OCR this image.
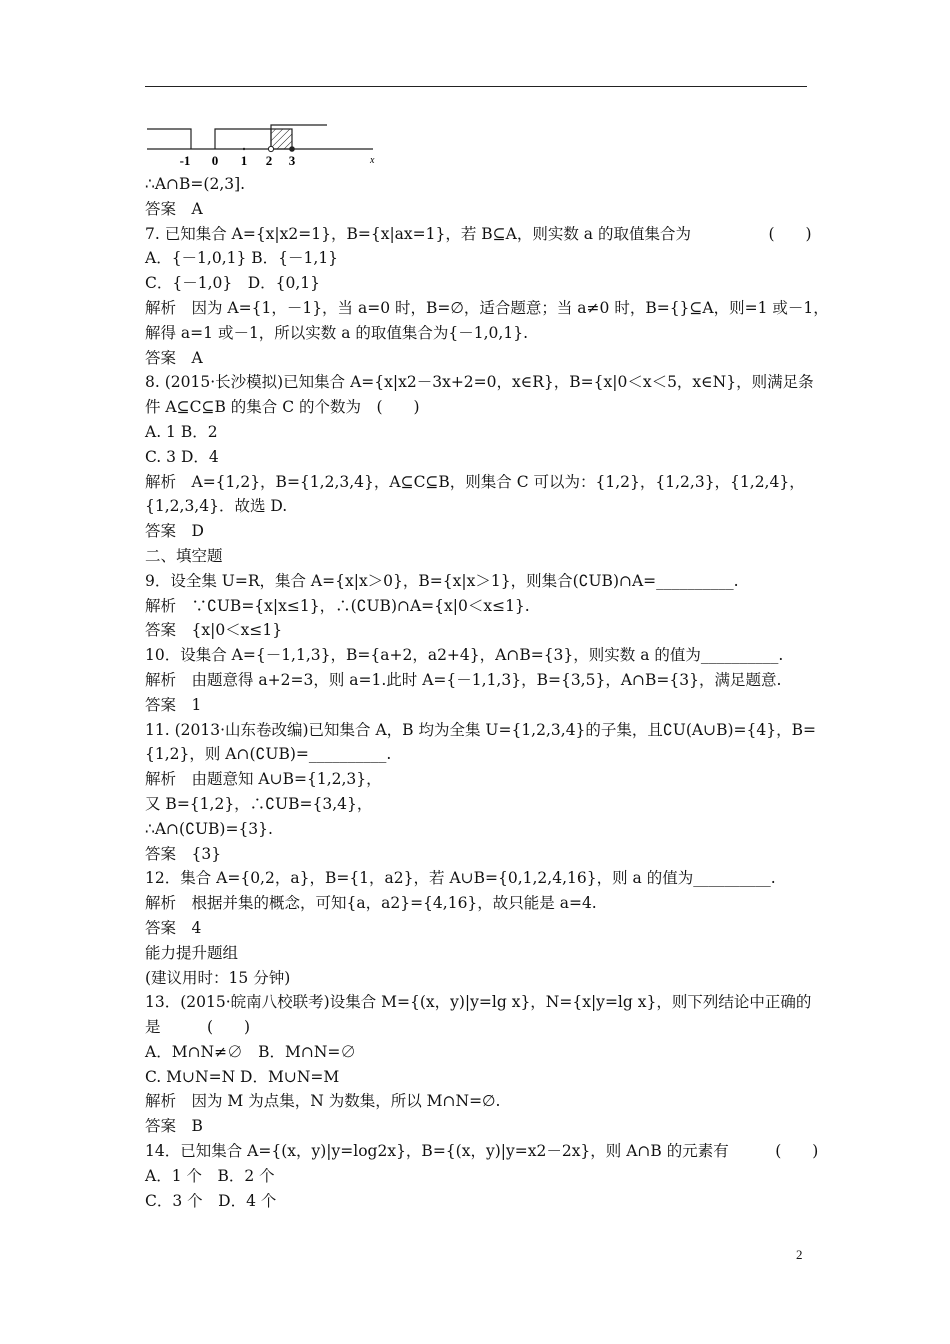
-1 0 1 2 3	x
∴A∩B=(2,3].
答案　A
7. 已知集合 A={x|x2=1}，B={x|ax=1}，若 B⊆A，则实数 a 的取值集合为　　　　　(　　)
A．{－1,0,1} B．{－1,1}
C．{－1,0}　D．{0,1}
解析　因为 A={1，－1}，当 a=0 时，B=∅，适合题意；当 a≠0 时，B={}⊆A，则=1 或－1，
解得 a=1 或－1，所以实数 a 的取值集合为{－1,0,1}.
答案　A
8. (2015·长沙模拟)已知集合 A={x|x2－3x+2=0，x∈R}，B={x|0＜x＜5，x∈N}，则满足条
件 A⊆C⊆B 的集合 C 的个数为　(　　)
A. 1 B．2
C. 3 D．4
解析　A={1,2}，B={1,2,3,4}，A⊆C⊆B，则集合 C 可以为：{1,2}，{1,2,3}，{1,2,4}，
{1,2,3,4}．故选 D.
答案　D
二、填空题
9．设全集 U=R，集合 A={x|x＞0}，B={x|x＞1}，则集合(∁UB)∩A=__________.
解析　∵∁UB={x|x≤1}，∴(∁UB)∩A={x|0＜x≤1}.
答案　{x|0＜x≤1}
10．设集合 A={－1,1,3}，B={a+2，a2+4}，A∩B={3}，则实数 a 的值为__________.
解析　由题意得 a+2=3，则 a=1.此时 A={－1,1,3}，B={3,5}，A∩B={3}，满足题意.
答案　1
11. (2013·山东卷改编)已知集合 A，B 均为全集 U={1,2,3,4}的子集，且∁U(A∪B)={4}，B=
{1,2}，则 A∩(∁UB)=__________.
解析　由题意知 A∪B={1,2,3}，
又 B={1,2}，∴∁UB={3,4}，
∴A∩(∁UB)={3}.
答案　{3}
12．集合 A={0,2，a}，B={1，a2}，若 A∪B={0,1,2,4,16}，则 a 的值为__________.
解析　根据并集的概念，可知{a，a2}={4,16}，故只能是 a=4.
答案　4
能力提升题组
(建议用时：15 分钟)
13．(2015·皖南八校联考)设集合 M={(x，y)|y=lg x}，N={x|y=lg x}，则下列结论中正确的
是　　　(　　)
A．M∩N≠∅　B．M∩N=∅
C. M∪N=N D．M∪N=M
解析　因为 M 为点集，N 为数集，所以 M∩N=∅.
答案　B
14．已知集合 A={(x，y)|y=log2x}，B={(x，y)|y=x2－2x}，则 A∩B 的元素有　　　(　　)
A．1 个　B．2 个
C．3 个　D．4 个
2
